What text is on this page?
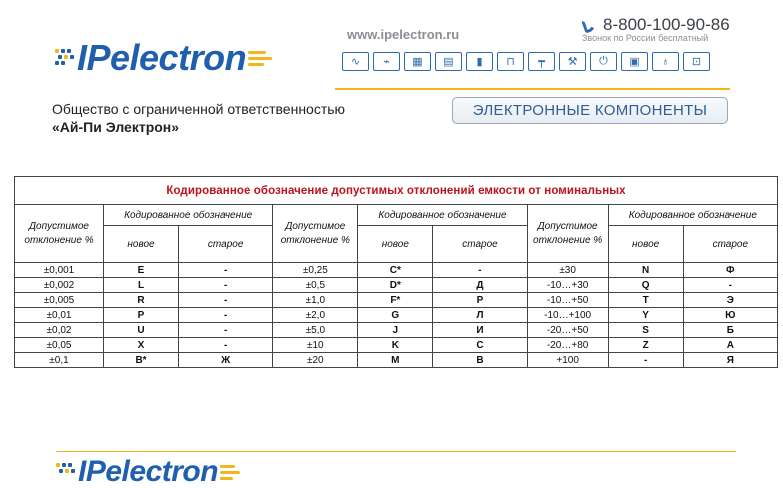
IPelectron
www.ipelectron.ru
8-800-100-90-86
Звонок по России бесплатный
∿	⌁	▦	▤	▮	⊓	┯	⚒	⏻	▣	♁	⊡
Общество с ограниченной ответственностью
«Ай-Пи Электрон»
ЭЛЕКТРОННЫЕ КОМПОНЕНТЫ
Кодированное обозначение допустимых отклонений емкости от номинальных								
Допустимое отклонение %	Кодированное обозначение		Допустимое отклонение %	Кодированное обозначение		Допустимое отклонение %	Кодированное обозначение	
	новое	старое		новое	старое		новое	старое
±0,001	E	-	±0,25	C*	-	±30	N	Ф
±0,002	L	-	±0,5	D*	Д	-10…+30	Q	-
±0,005	R	-	±1,0	F*	Р	-10…+50	T	Э
±0,01	P	-	±2,0	G	Л	-10…+100	Y	Ю
±0,02	U	-	±5,0	J	И	-20…+50	S	Б
±0,05	X	-	±10	K	С	-20…+80	Z	А
±0,1	B*	Ж	±20	M	В	+100	-	Я
IPelectron
